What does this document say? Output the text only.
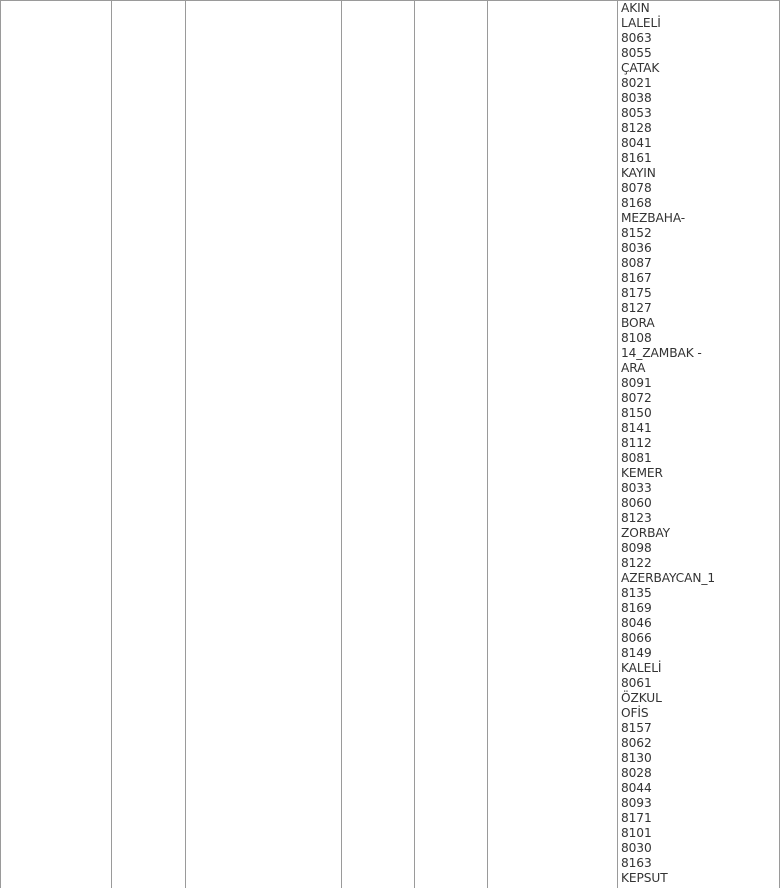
AKIN
LALELİ
8063
8055
ÇATAK
8021
8038
8053
8128
8041
8161
KAYIN
8078
8168
MEZBAHA-
8152
8036
8087
8167
8175
8127
BORA
8108
14_ZAMBAK -
ARA
8091
8072
8150
8141
8112
8081
KEMER
8033
8060
8123
ZORBAY
8098
8122
AZERBAYCAN_1
8135
8169
8046
8066
8149
KALELİ
8061
ÖZKUL
OFİS
8157
8062
8130
8028
8044
8093
8171
8101
8030
8163
KEPSUT
